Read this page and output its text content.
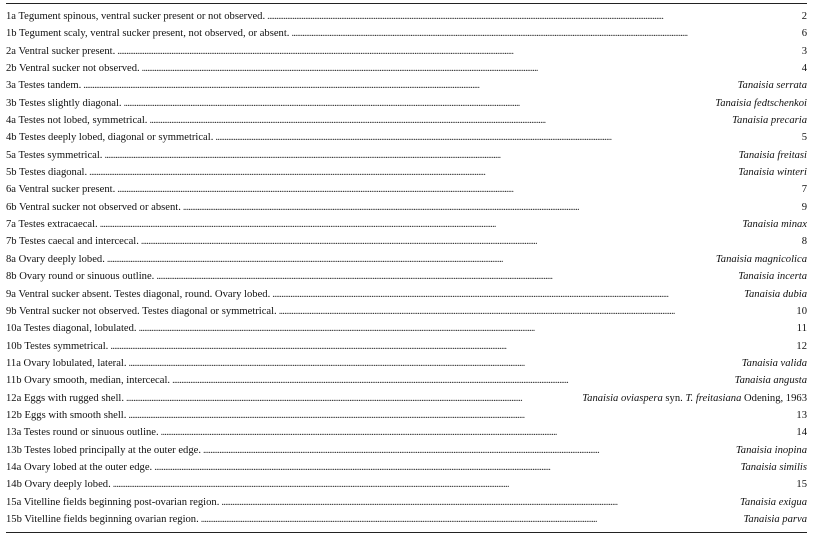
1a Tegument spinous, ventral sucker present or not observed. . . .	2
1b Tegument scaly, ventral sucker present, not observed, or absent. . . .	6
2a Ventral sucker present. . . .	3
2b Ventral sucker not observed. . . .	4
3a Testes tandem. . . .	Tanaisia serrata
3b Testes slightly diagonal. . . .	Tanaisia fedtschenkoi
4a Testes not lobed, symmetrical. . . .	Tanaisia precaria
4b Testes deeply lobed, diagonal or symmetrical. . . .	5
5a Testes symmetrical. . . .	Tanaisia freitasi
5b Testes diagonal. . . .	Tanaisia winteri
6a Ventral sucker present. . . .	7
6b Ventral sucker not observed or absent. . . .	9
7a Testes extracaecal. . . .	Tanaisia minax
7b Testes caecal and intercecal. . . .	8
8a Ovary deeply lobed. . . .	Tanaisia magnicolica
8b Ovary round or sinuous outline. . . .	Tanaisia incerta
9a Ventral sucker absent. Testes diagonal, round. Ovary lobed. . . .	Tanaisia dubia
9b Ventral sucker not observed. Testes diagonal or symmetrical. . . .	10
10a Testes diagonal, lobulated. . . .	11
10b Testes symmetrical. . . .	12
11a Ovary lobulated, lateral. . . .	Tanaisia valida
11b Ovary smooth, median, intercecal. . . .	Tanaisia angusta
12a Eggs with rugged shell. . . .	Tanaisia oviaspera syn. T. freitasiana Odening, 1963
12b Eggs with smooth shell. . . .	13
13a Testes round or sinuous outline. . . .	14
13b Testes lobed principally at the outer edge. . . .	Tanaisia inopina
14a Ovary lobed at the outer edge. . . .	Tanaisia similis
14b Ovary deeply lobed. . . .	15
15a Vitelline fields beginning post-ovarian region. . . .	Tanaisia exigua
15b Vitelline fields beginning ovarian region. . . .	Tanaisia parva
